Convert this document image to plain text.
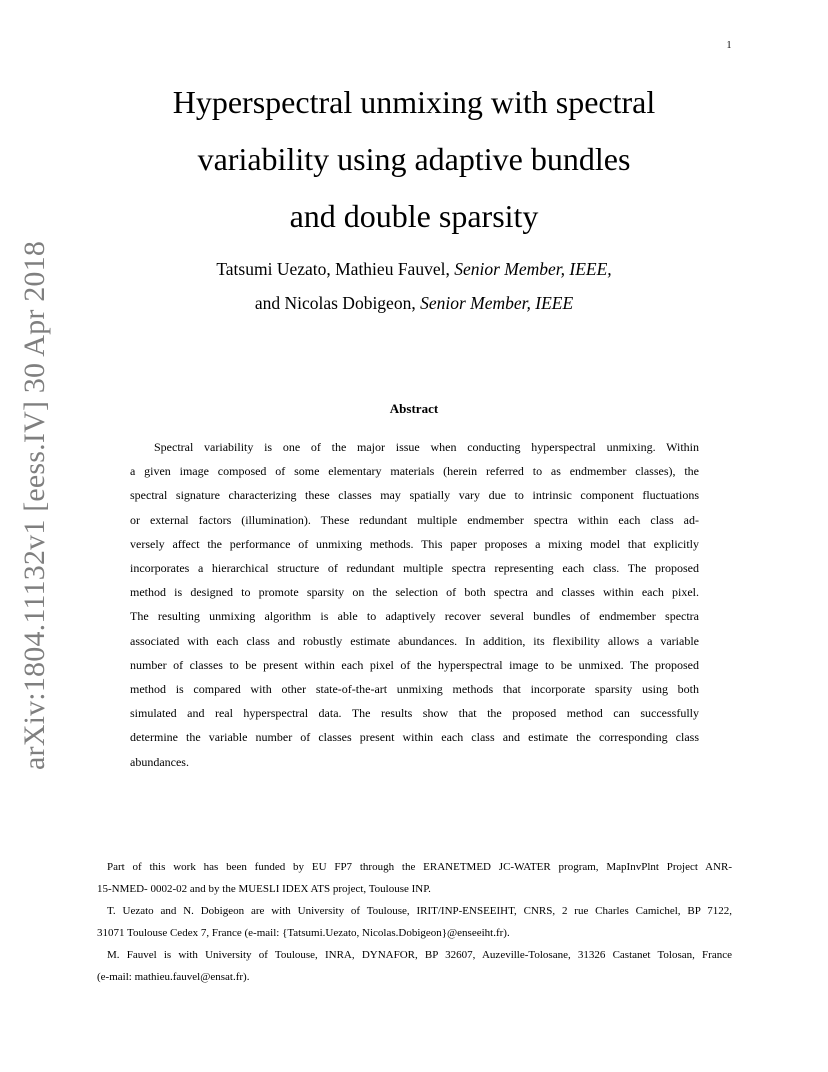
1
arXiv:1804.11132v1 [eess.IV] 30 Apr 2018
Hyperspectral unmixing with spectral
variability using adaptive bundles
and double sparsity
Tatsumi Uezato, Mathieu Fauvel, Senior Member, IEEE,
and Nicolas Dobigeon, Senior Member, IEEE
Abstract
Spectral variability is one of the major issue when conducting hyperspectral unmixing. Within
a given image composed of some elementary materials (herein referred to as endmember classes), the
spectral signature characterizing these classes may spatially vary due to intrinsic component fluctuations
or external factors (illumination). These redundant multiple endmember spectra within each class ad-
versely affect the performance of unmixing methods. This paper proposes a mixing model that explicitly
incorporates a hierarchical structure of redundant multiple spectra representing each class. The proposed
method is designed to promote sparsity on the selection of both spectra and classes within each pixel.
The resulting unmixing algorithm is able to adaptively recover several bundles of endmember spectra
associated with each class and robustly estimate abundances. In addition, its flexibility allows a variable
number of classes to be present within each pixel of the hyperspectral image to be unmixed. The proposed
method is compared with other state-of-the-art unmixing methods that incorporate sparsity using both
simulated and real hyperspectral data. The results show that the proposed method can successfully
determine the variable number of classes present within each class and estimate the corresponding class
abundances.
Part of this work has been funded by EU FP7 through the ERANETMED JC-WATER program, MapInvPlnt Project ANR-
15-NMED- 0002-02 and by the MUESLI IDEX ATS project, Toulouse INP.
T. Uezato and N. Dobigeon are with University of Toulouse, IRIT/INP-ENSEEIHT, CNRS, 2 rue Charles Camichel, BP 7122,
31071 Toulouse Cedex 7, France (e-mail: {Tatsumi.Uezato, Nicolas.Dobigeon}@enseeiht.fr).
M. Fauvel is with University of Toulouse, INRA, DYNAFOR, BP 32607, Auzeville-Tolosane, 31326 Castanet Tolosan, France
(e-mail: mathieu.fauvel@ensat.fr).
